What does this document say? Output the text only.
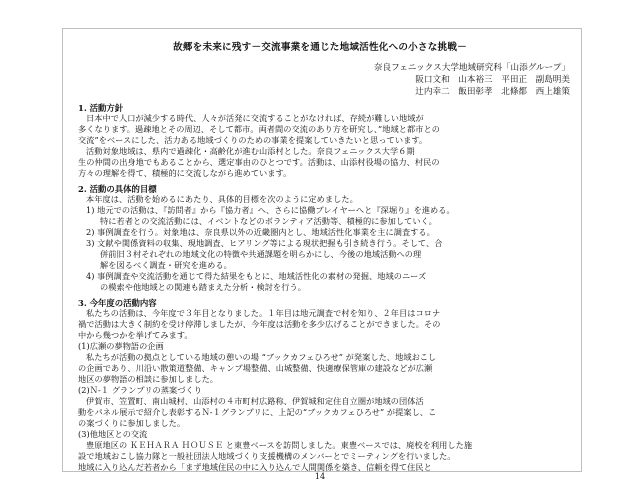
故郷を未来に残す－交流事業を通じた地域活性化への小さな挑戦－
奈良フェニックス大学地域研究科「山添グループ」
阪口文和　山本裕三　平田正　副島明美
辻内幸二　飯田彰孝　北條都　西上雄策
1. 活動方針
日本中で人口が減少する時代、人々が活発に交流することがなければ、存続が難しい地域が
多くなります。過疎地とその周辺、そして都市。両者間の交流のあり方を研究し、”地域と都市との
交流”をベースにした、活力ある地域づくりのための事業を提案していきたいと思っています。
活動対象地域は、県内で過疎化・高齢化が進む山添村とした。奈良フェニックス大学６期
生の仲間の出身地でもあることから、選定事由のひとつです。活動は、山添村役場の協力、村民の
方々の理解を得て、積極的に交流しながら進めています。
2. 活動の具体的目標
本年度は、活動を始めるにあたり、具体的目標を次のように定めました。
1) 地元での活動は、『訪問者』から『協力者』へ、さらに協働プレイヤーへと『深堀り』を進める。
特に若者との交流活動には、イベントなどのボランティア活動等、積極的に参加していく。
2) 事例調査を行う。対象地は、奈良県以外の近畿圏内とし、地域活性化事業を主に調査する。
3) 文献や関係資料の収集、現地調査、ヒアリング等による現状把握も引き続き行う。そして、合
併前旧３村それぞれの地域文化の特徴や共通課題を明らかにし、今後の地域活動への理
解を図るべく調査・研究を進める。
4) 事例調査や交流活動を通じて得た結果をもとに、地域活性化の素材の発掘、地域のニーズ
の模索や他地域との関連も踏まえた分析・検討を行う。
3. 今年度の活動内容
私たちの活動は、今年度で３年目となりました。１年目は地元調査で村を知り、２年目はコロナ
禍で活動は大きく制約を受け停滞しましたが、今年度は活動を多少広げることができました。その
中から幾つかを挙げてみます。
(1)広瀬の夢物語の企画
私たちが活動の拠点としている地域の憩いの場 “ブックカフェひろせ” が発案した、地域おこし
の企画であり、川沿い散策道整備、キャンプ場整備、山城整備、快適療保管庫の建設などが広瀬
地区の夢物語の相談に参加しました。
(2)Ｎ-１ グランプリの蒸案づくり
伊賀市、笠置町、南山城村、山添村の４市町村広路称、伊賀城和定住自立圏が地域の団体活
動をパネル展示で紹介し表彰するＮ-１グランプリに、上記の“ブックカフェひろせ” が提案し、こ
の案づくりに参加しました。
(3)他地区との交流
豊原地区の ＫＥＨＡＲＡ ＨＯＵＳＥ と東豊ベースを訪問しました。東豊ベースでは、廃校を利用した施
設で地域おこし協力隊と一般社団法人地域づくり支援機構のメンバーとでミーティングを行いました。
地域に入り込んだ若者から「まず地域住民の中に入り込んで人間関係を築き、信頼を得て住民と
14
